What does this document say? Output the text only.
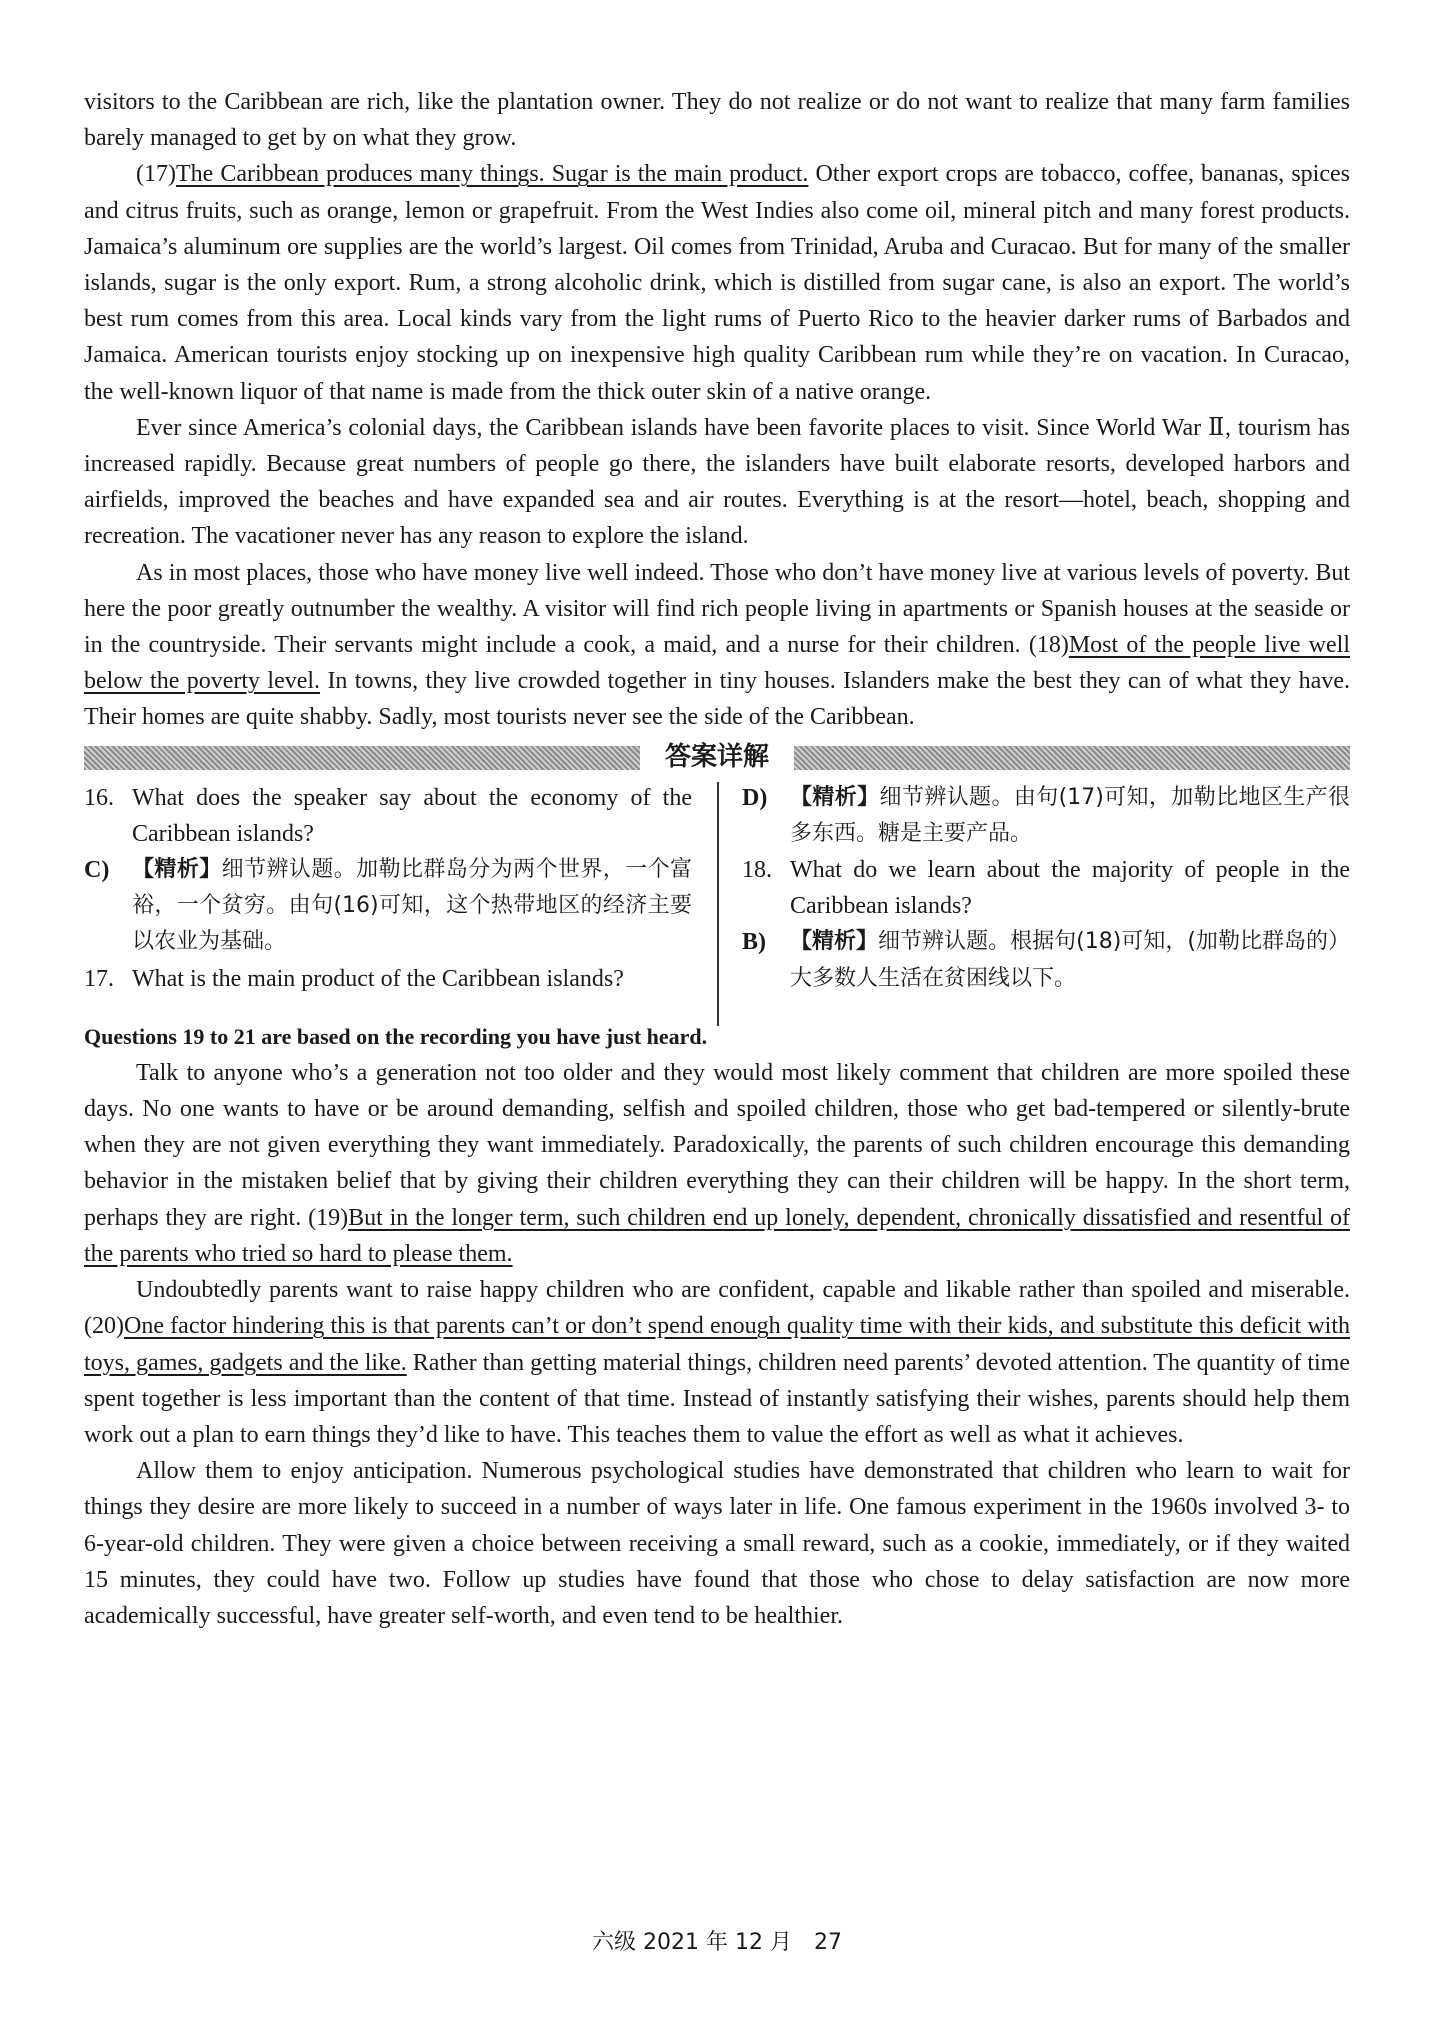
visitors to the Caribbean are rich, like the plantation owner. They do not realize or do not want to realize that many farm families barely managed to get by on what they grow.

(17)The Caribbean produces many things. Sugar is the main product. Other export crops are tobacco, coffee, bananas, spices and citrus fruits, such as orange, lemon or grapefruit. From the West Indies also come oil, mineral pitch and many forest products. Jamaica’s aluminum ore supplies are the world’s largest. Oil comes from Trinidad, Aruba and Curacao. But for many of the smaller islands, sugar is the only export. Rum, a strong alcoholic drink, which is distilled from sugar cane, is also an export. The world’s best rum comes from this area. Local kinds vary from the light rums of Puerto Rico to the heavier darker rums of Barbados and Jamaica. American tourists enjoy stocking up on inexpensive high quality Caribbean rum while they’re on vacation. In Curacao, the well-known liquor of that name is made from the thick outer skin of a native orange.

Ever since America’s colonial days, the Caribbean islands have been favorite places to visit. Since World War Ⅱ, tourism has increased rapidly. Because great numbers of people go there, the islanders have built elaborate resorts, developed harbors and airfields, improved the beaches and have expanded sea and air routes. Everything is at the resort—hotel, beach, shopping and recreation. The vacationer never has any reason to explore the island.

As in most places, those who have money live well indeed. Those who don’t have money live at various levels of poverty. But here the poor greatly outnumber the wealthy. A visitor will find rich people living in apartments or Spanish houses at the seaside or in the countryside. Their servants might include a cook, a maid, and a nurse for their children. (18)Most of the people live well below the poverty level. In towns, they live crowded together in tiny houses. Islanders make the best they can of what they have. Their homes are quite shabby. Sadly, most tourists never see the side of the Caribbean.

答案详解
16. What does the speaker say about the economy of the Caribbean islands?
C)	【精析】细节辨认题。加勒比群岛分为两个世界，一个富裕，一个贫穷。由句(16)可知，这个热带地区的经济主要以农业为基础。
17. What is the main product of the Caribbean islands?
D)	【精析】细节辨认题。由句(17)可知，加勒比地区生产很多东西。糖是主要产品。
18. What do we learn about the majority of people in the Caribbean islands?
B)	【精析】细节辨认题。根据句(18)可知，(加勒比群岛的）大多数人生活在贫困线以下。

Questions 19 to 21 are based on the recording you have just heard.

Talk to anyone who’s a generation not too older and they would most likely comment that children are more spoiled these days. No one wants to have or be around demanding, selfish and spoiled children, those who get bad-tempered or silently-brute when they are not given everything they want immediately. Paradoxically, the parents of such children encourage this demanding behavior in the mistaken belief that by giving their children everything they can their children will be happy. In the short term, perhaps they are right. (19)But in the longer term, such children end up lonely, dependent, chronically dissatisfied and resentful of the parents who tried so hard to please them.

Undoubtedly parents want to raise happy children who are confident, capable and likable rather than spoiled and miserable. (20)One factor hindering this is that parents can’t or don’t spend enough quality time with their kids, and substitute this deficit with toys, games, gadgets and the like. Rather than getting material things, children need parents’ devoted attention. The quantity of time spent together is less important than the content of that time. Instead of instantly satisfying their wishes, parents should help them work out a plan to earn things they’d like to have. This teaches them to value the effort as well as what it achieves.

Allow them to enjoy anticipation. Numerous psychological studies have demonstrated that children who learn to wait for things they desire are more likely to succeed in a number of ways later in life. One famous experiment in the 1960s involved 3- to 6-year-old children. They were given a choice between receiving a small reward, such as a cookie, immediately, or if they waited 15 minutes, they could have two. Follow up studies have found that those who chose to delay satisfaction are now more academically successful, have greater self-worth, and even tend to be healthier.

六级 2021 年 12 月　27
